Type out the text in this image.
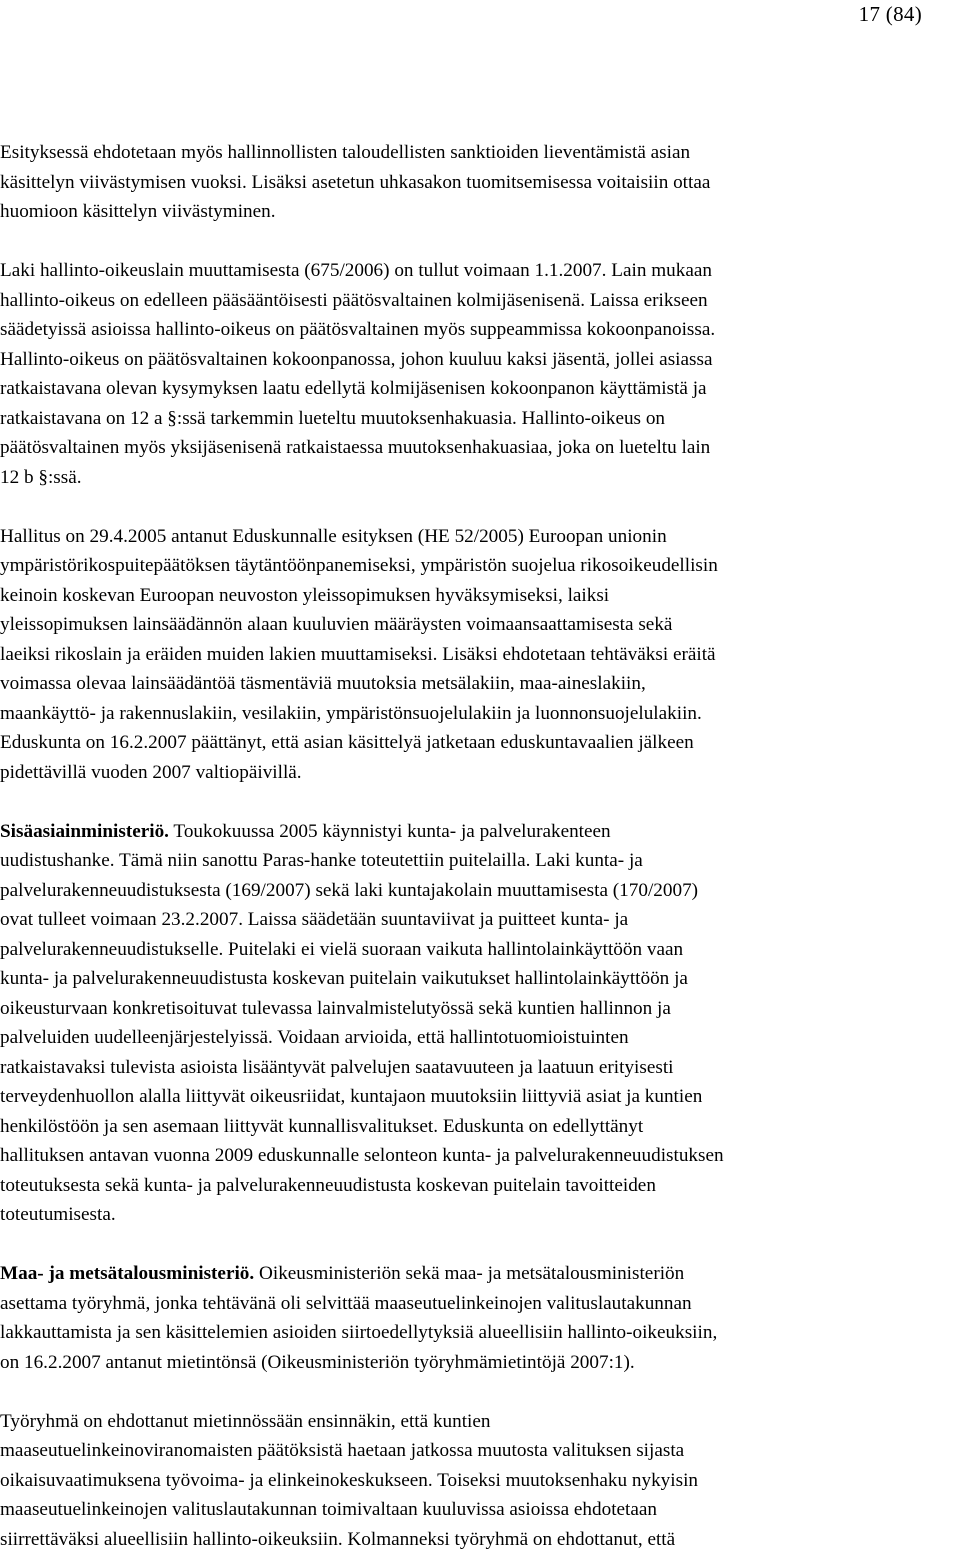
17 (84)
Esityksessä ehdotetaan myös hallinnollisten taloudellisten sanktioiden lieventämistä asian
käsittelyn viivästymisen vuoksi. Lisäksi asetetun uhkasakon tuomitsemisessa voitaisiin ottaa
huomioon käsittelyn viivästyminen.
Laki hallinto-oikeuslain muuttamisesta (675/2006) on tullut voimaan 1.1.2007. Lain mukaan
hallinto-oikeus on edelleen pääsääntöisesti päätösvaltainen kolmijäsenisenä. Laissa erikseen
säädetyissä asioissa hallinto-oikeus on päätösvaltainen myös suppeammissa kokoonpanoissa.
Hallinto-oikeus on päätösvaltainen kokoonpanossa, johon kuuluu kaksi jäsentä, jollei asiassa
ratkaistavana olevan kysymyksen laatu edellytä kolmijäsenisen kokoonpanon käyttämistä ja
ratkaistavana on 12 a §:ssä tarkemmin lueteltu muutoksenhakuasia. Hallinto-oikeus on
päätösvaltainen myös yksijäsenisenä ratkaistaessa muutoksenhakuasiaa, joka on lueteltu lain
12 b §:ssä.
Hallitus on 29.4.2005 antanut Eduskunnalle esityksen (HE 52/2005) Euroopan unionin
ympäristörikospuitepäätöksen täytäntöönpanemiseksi, ympäristön suojelua rikosoikeudellisin
keinoin koskevan Euroopan neuvoston yleissopimuksen hyväksymiseksi, laiksi
yleissopimuksen lainsäädännön alaan kuuluvien määräysten voimaansaattamisesta sekä
laeiksi rikoslain ja eräiden muiden lakien muuttamiseksi. Lisäksi ehdotetaan tehtäväksi eräitä
voimassa olevaa lainsäädäntöä täsmentäviä muutoksia metsälakiin, maa-aineslakiin,
maankäyttö- ja rakennuslakiin, vesilakiin, ympäristönsuojelulakiin ja luonnonsuojelulakiin.
Eduskunta on 16.2.2007 päättänyt, että asian käsittelyä jatketaan eduskuntavaalien jälkeen
pidettävillä vuoden 2007 valtiopäivillä.
Sisäasiainministeriö. Toukokuussa 2005 käynnistyi kunta- ja palvelurakenteen
uudistushanke. Tämä niin sanottu Paras-hanke toteutettiin puitelailla. Laki kunta- ja
palvelurakenneuudistuksesta (169/2007) sekä laki kuntajakolain muuttamisesta (170/2007)
ovat tulleet voimaan 23.2.2007. Laissa säädetään suuntaviivat ja puitteet kunta- ja
palvelurakenneuudistukselle. Puitelaki ei vielä suoraan vaikuta hallintolainkäyttöön vaan
kunta- ja palvelurakenneuudistusta koskevan puitelain vaikutukset hallintolainkäyttöön ja
oikeusturvaan konkretisoituvat tulevassa lainvalmistelutyössä sekä kuntien hallinnon ja
palveluiden uudelleenjärjestelyissä. Voidaan arvioida, että hallintotuomioistuinten
ratkaistavaksi tulevista asioista lisääntyvät palvelujen saatavuuteen ja laatuun erityisesti
terveydenhuollon alalla liittyvät oikeusriidat, kuntajaon muutoksiin liittyviä asiat ja kuntien
henkilöstöön ja sen asemaan liittyvät kunnallisvalitukset. Eduskunta on edellyttänyt
hallituksen antavan vuonna 2009 eduskunnalle selonteon kunta- ja palvelurakenneuudistuksen
toteutuksesta sekä kunta- ja palvelurakenneuudistusta koskevan puitelain tavoitteiden
toteutumisesta.
Maa- ja metsätalousministeriö. Oikeusministeriön sekä maa- ja metsätalousministeriön
asettama työryhmä, jonka tehtävänä oli selvittää maaseutuelinkeinojen valituslautakunnan
lakkauttamista ja sen käsittelemien asioiden siirtoedellytyksiä alueellisiin hallinto-oikeuksiin,
on 16.2.2007 antanut mietintönsä (Oikeusministeriön työryhmämietintöjä 2007:1).
Työryhmä on ehdottanut mietinnössään ensinnäkin, että kuntien
maaseutuelinkeinoviranomaisten päätöksistä haetaan jatkossa muutosta valituksen sijasta
oikaisuvaatimuksena työvoima- ja elinkeinokeskukseen. Toiseksi muutoksenhaku nykyisin
maaseutuelinkeinojen valituslautakunnan toimivaltaan kuuluvissa asioissa ehdotetaan
siirrettäväksi alueellisiin hallinto-oikeuksiin. Kolmanneksi työryhmä on ehdottanut, että
